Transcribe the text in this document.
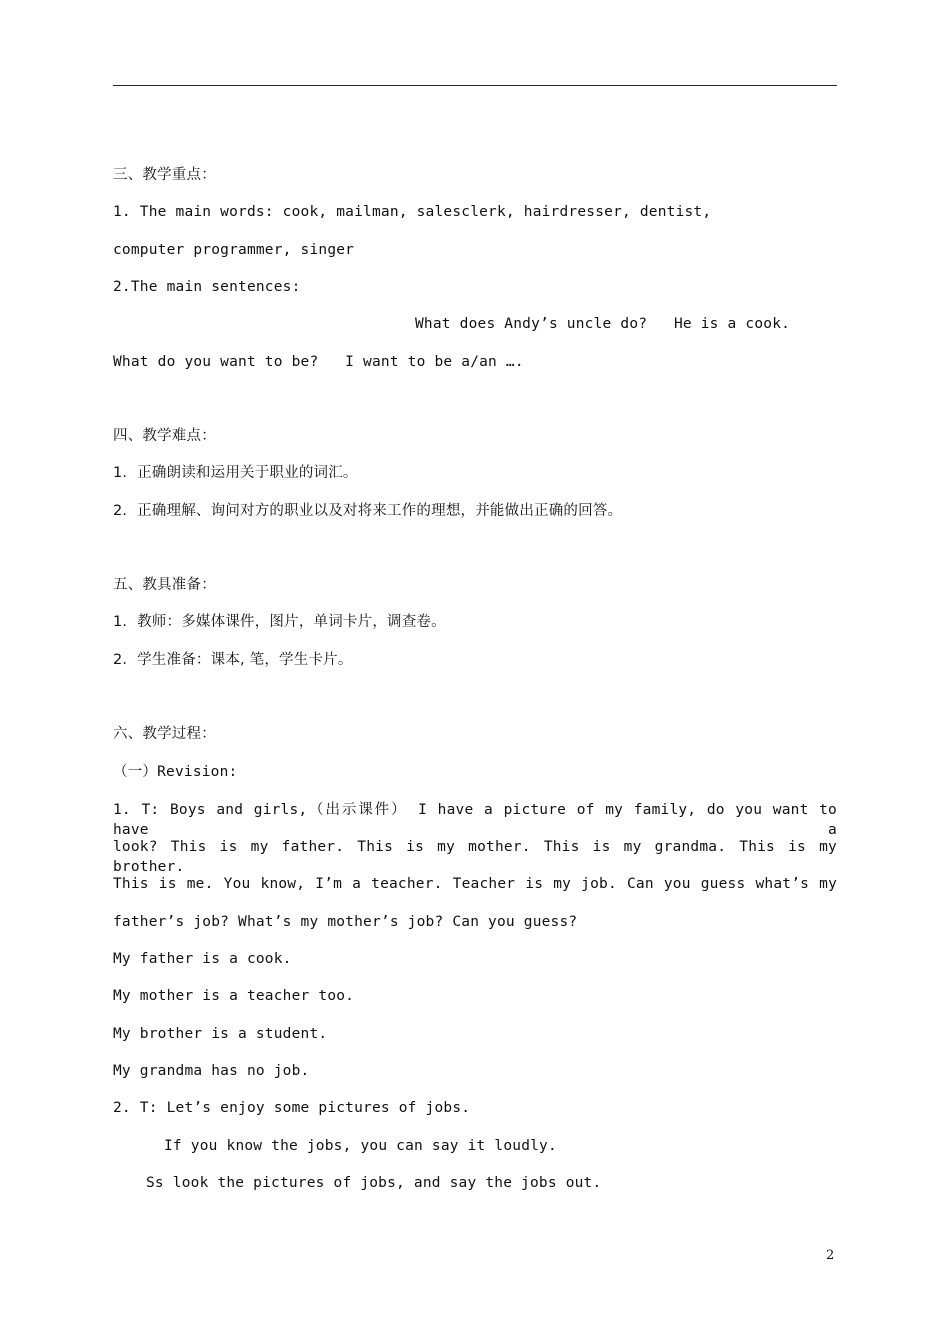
三、教学重点：
1. The main words: cook, mailman, salesclerk, hairdresser, dentist,
computer programmer, singer
2.The main sentences:
What does Andy’s uncle do?   He is a cook.
What do you want to be?   I want to be a/an ….
四、教学难点：
1．正确朗读和运用关于职业的词汇。
2．正确理解、询问对方的职业以及对将来工作的理想，并能做出正确的回答。
五、教具准备：
1．教师：多媒体课件，图片，单词卡片，调查卷。
2．学生准备：课本, 笔，学生卡片。
六、教学过程：
（一）Revision:
1. T: Boys and girls,（出示课件） I have a picture of my family, do you want to have a
look? This is my father. This is my mother. This is my grandma. This is my brother.
This is me. You know, I’m a teacher. Teacher is my job. Can you guess what’s my
father’s job? What’s my mother’s job? Can you guess?
My father is a cook.
My mother is a teacher too.
My brother is a student.
My grandma has no job.
2. T: Let’s enjoy some pictures of jobs.
If you know the jobs, you can say it loudly.
Ss look the pictures of jobs, and say the jobs out.
2
